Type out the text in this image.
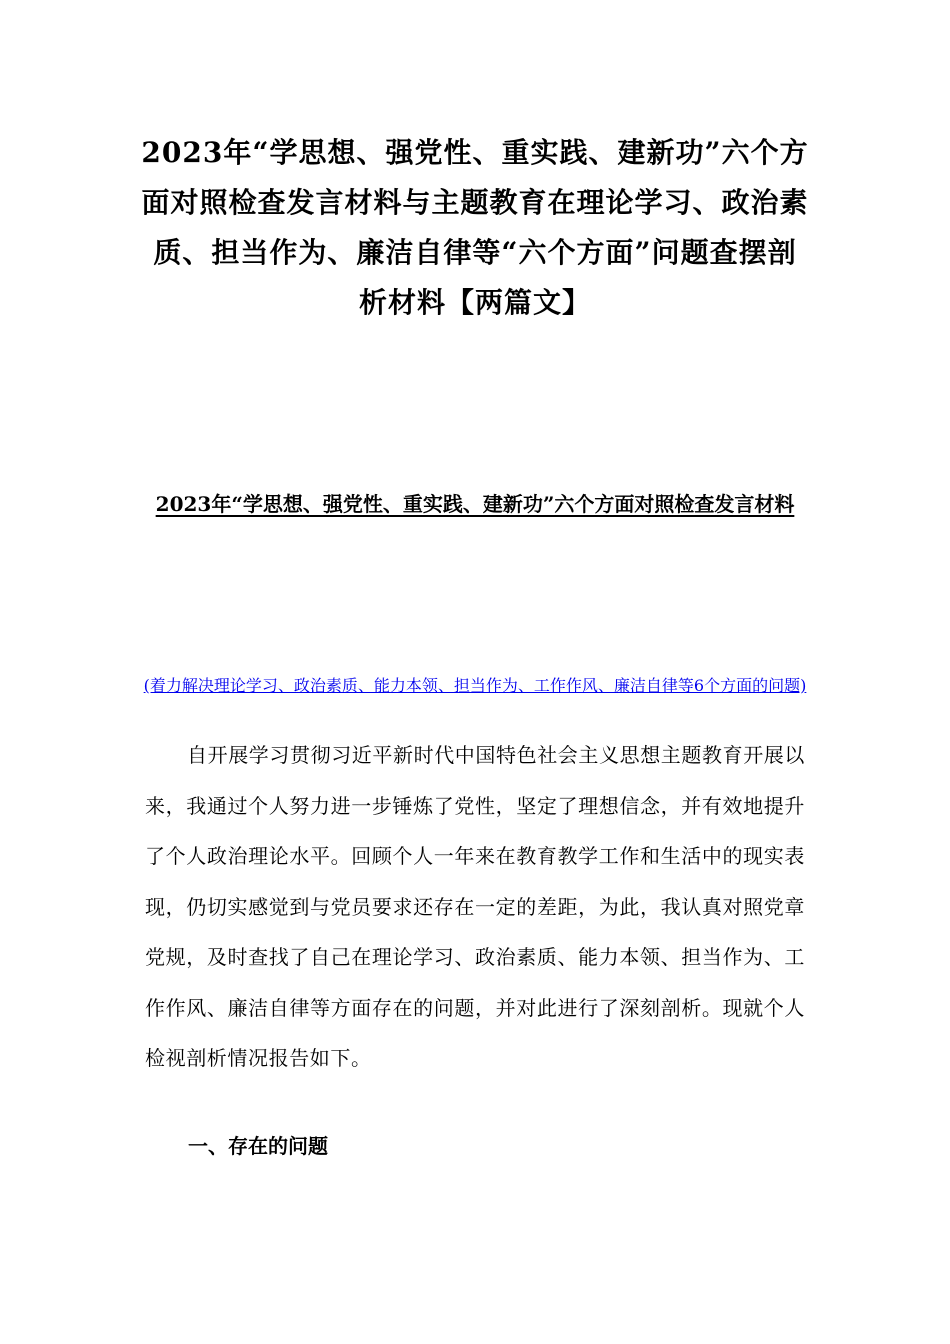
2023年“学思想、强党性、重实践、建新功”六个方面对照检查发言材料与主题教育在理论学习、政治素质、担当作为、廉洁自律等“六个方面”问题查摆剖析材料【两篇文】
2023年“学思想、强党性、重实践、建新功”六个方面对照检查发言材料

(着力解决理论学习、政治素质、能力本领、担当作为、工作作风、廉洁自律等6个方面的问题)

自开展学习贯彻习近平新时代中国特色社会主义思想主题教育开展以来，我通过个人努力进一步锤炼了党性，坚定了理想信念，并有效地提升了个人政治理论水平。回顾个人一年来在教育教学工作和生活中的现实表现，仍切实感觉到与党员要求还存在一定的差距，为此，我认真对照党章党规，及时查找了自己在理论学习、政治素质、能力本领、担当作为、工作作风、廉洁自律等方面存在的问题，并对此进行了深刻剖析。现就个人检视剖析情况报告如下。

一、存在的问题
